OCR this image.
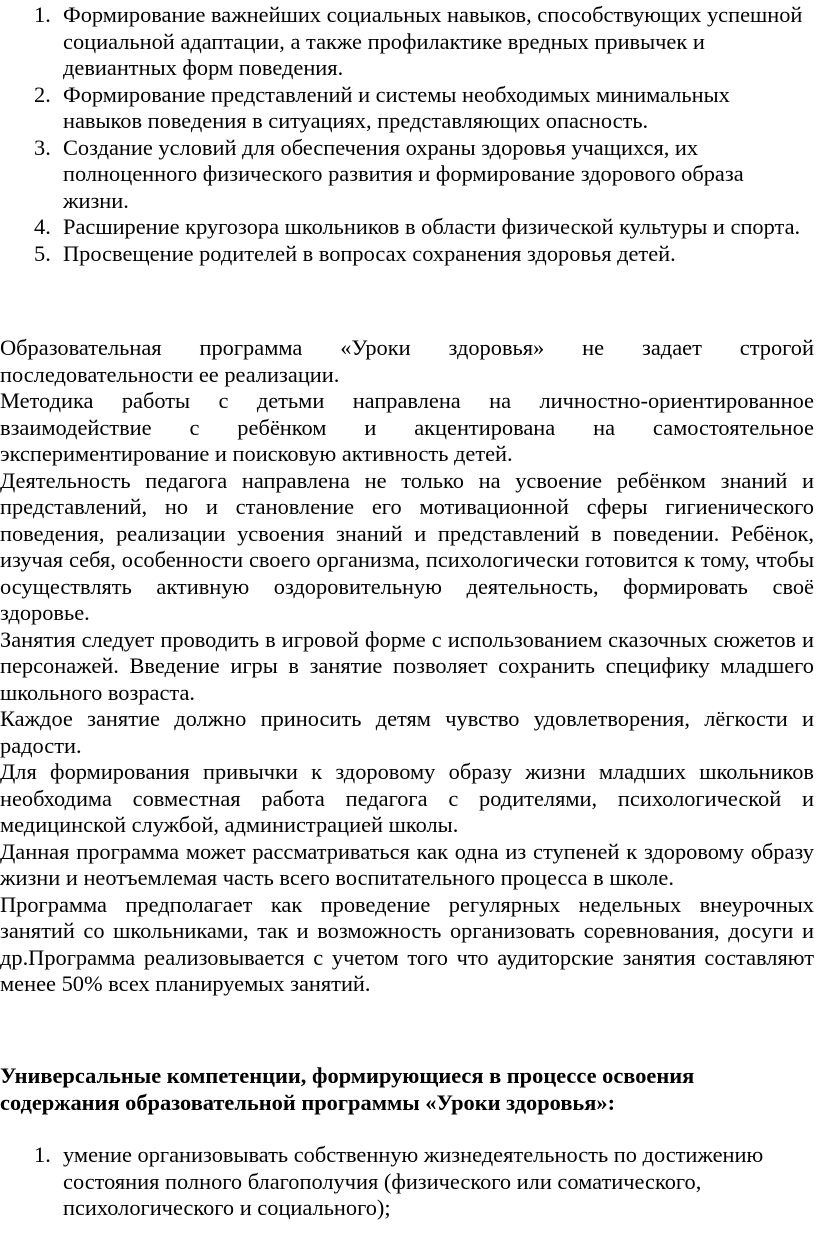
1. Формирование важнейших социальных навыков, способствующих успешной социальной адаптации, а также профилактике вредных привычек и девиантных форм поведения.
2. Формирование представлений и системы необходимых минимальных навыков поведения в ситуациях, представляющих опасность.
3. Создание условий для обеспечения охраны здоровья учащихся, их полноценного физического развития и формирование здорового образа жизни.
4. Расширение кругозора школьников в области физической культуры и спорта.
5. Просвещение родителей в вопросах сохранения здоровья детей.

Образовательная программа «Уроки здоровья» не задает строгой последовательности ее реализации.

Методика работы с детьми направлена на личностно-ориентированное взаимодействие с ребёнком и акцентирована на самостоятельное экспериментирование и поисковую активность детей.

Деятельность педагога направлена не только на усвоение ребёнком знаний и представлений, но и становление его мотивационной сферы гигиенического поведения, реализации усвоения знаний и представлений в поведении. Ребёнок, изучая себя, особенности своего организма, психологически готовится к тому, чтобы осуществлять активную оздоровительную деятельность, формировать своё здоровье.

Занятия следует проводить в игровой форме с использованием сказочных сюжетов и персонажей. Введение игры в занятие позволяет сохранить специфику младшего школьного возраста.

Каждое занятие должно приносить детям чувство удовлетворения, лёгкости и радости.

Для формирования привычки к здоровому образу жизни младших школьников необходима совместная работа педагога с родителями, психологической и медицинской службой, администрацией школы.

Данная программа может рассматриваться как одна из ступеней к здоровому образу жизни и неотъемлемая часть всего воспитательного процесса в школе.

Программа предполагает как проведение регулярных недельных внеурочных занятий со школьниками, так и возможность организовать соревнования, досуги и др.Программа реализовывается с учетом того что аудиторские занятия составляют менее 50% всех планируемых занятий.

Универсальные компетенции, формирующиеся в процессе освоения содержания образовательной программы «Уроки здоровья»:
1. умение организовывать собственную жизнедеятельность по достижению состояния полного благополучия (физического или соматического, психологического и социального);
